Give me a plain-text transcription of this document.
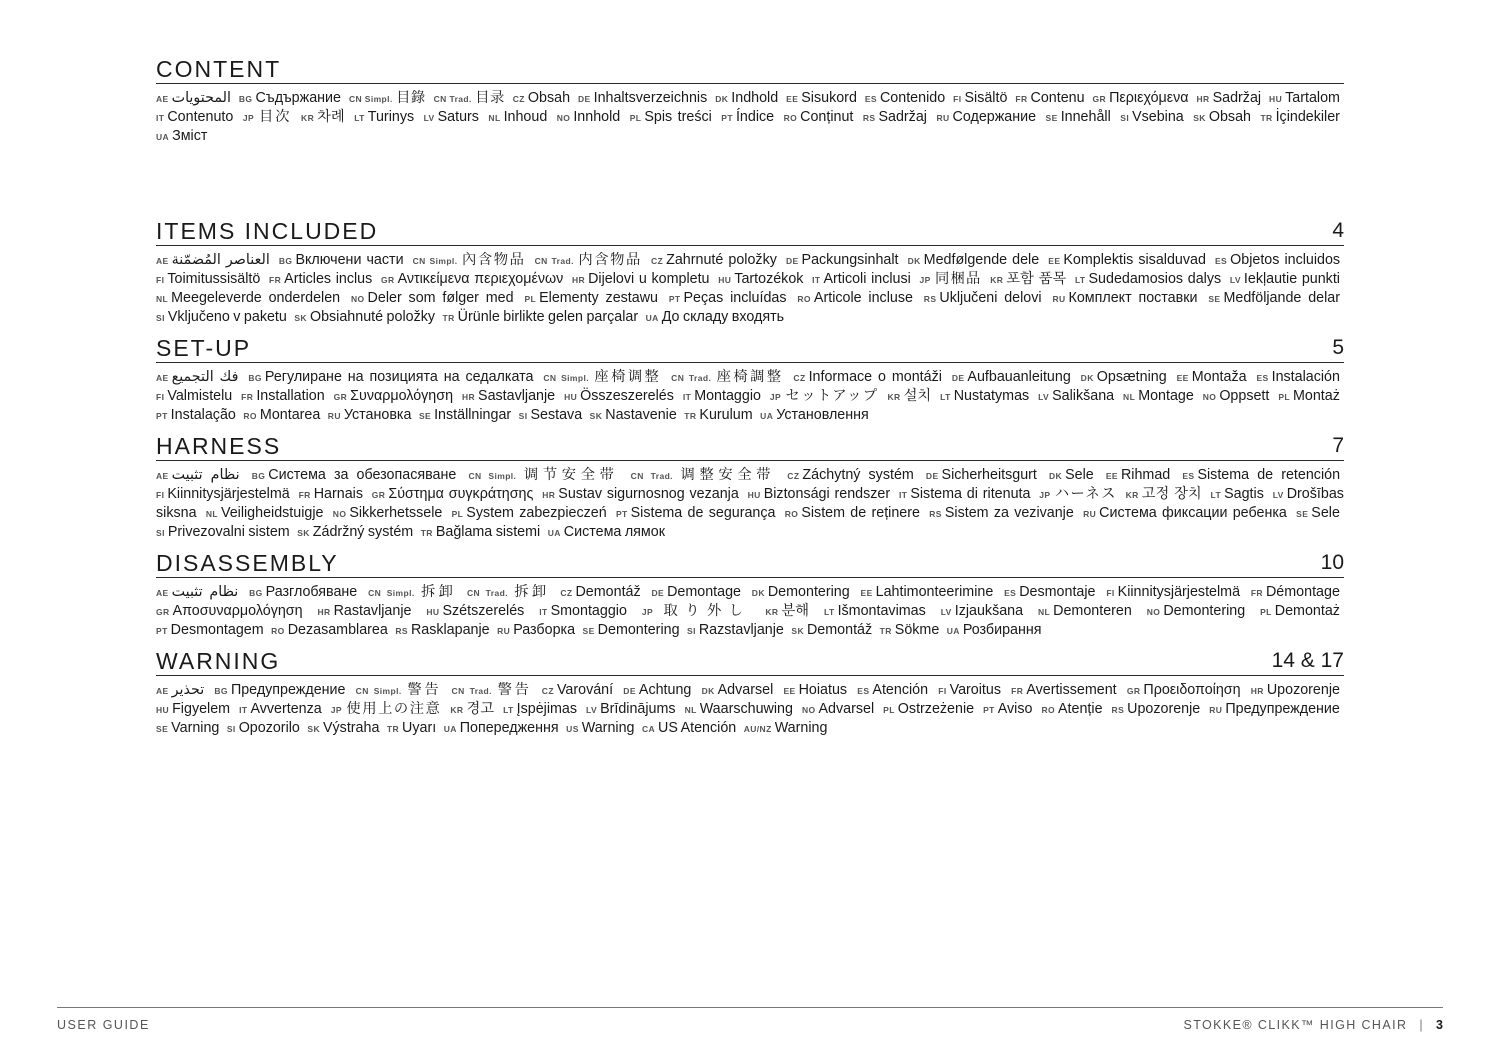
CONTENT
AE المحتويات BG Съдържание CN Simpl. 目錄 CN Trad. 目录 CZ Obsah DE Inhaltsverzeichnis DK Indhold EE Sisukord ES Contenido FI Sisältö FR Contenu GR Περιεχόμενα HR Sadržaj HU Tartalom IT Contenuto JP 目次 KR 차례 LT Turinys LV Saturs NL Inhoud NO Innhold PL Spis treści PT Índice RO Conținut RS Sadržaj RU Содержание SE Innehåll SI Vsebina SK Obsah TR İçindekiler UA Зміст
ITEMS INCLUDED	4
AE العناصر المُضمّنة BG Включени части CN Simpl. 內含物品 CN Trad. 内含物品 CZ Zahrnuté položky DE Packungsinhalt DK Medfølgende dele EE Komplektis sisalduvad ES Objetos incluidos FI Toimitussisältö FR Articles inclus GR Αντικείμενα περιεχομένων HR Dijelovi u kompletu HU Tartozékok IT Articoli inclusi JP 同梱品 KR 포함 품목 LT Sudedamosios dalys LV Iekļautie punkti NL Meegeleverde onderdelen NO Deler som følger med PL Elementy zestawu PT Peças incluídas RO Articole incluse RS Uključeni delovi RU Комплект поставки SE Medföljande delar SI Vključeno v paketu SK Obsiahnuté položky TR Ürünle birlikte gelen parçalar UA До складу входять
SET-UP	5
AE فك التجميع BG Регулиране на позицията на седалката CN Simpl. 座椅调整 CN Trad. 座椅調整 CZ Informace o montáži DE Aufbauanleitung DK Opsætning EE Montaža ES Instalación FI Valmistelu FR Installation GR Συναρμολόγηση HR Sastavljanje HU Összeszerelés IT Montaggio JP セットアップ KR 설치 LT Nustatymas LV Salikšana NL Montage NO Oppsett PL Montaż PT Instalação RO Montarea RU Установка SE Inställningar SI Sestava SK Nastavenie TR Kurulum UA Установлення
HARNESS	7
AE نظام تثبيت BG Система за обезопасяване CN Simpl. 调节安全带 CN Trad. 调整安全带 CZ Záchytný systém DE Sicherheitsgurt DK Sele EE Rihmad ES Sistema de retención FI Kiinnitysjärjestelmä FR Harnais GR Σύστημα συγκράτησης HR Sustav sigurnosnog vezanja HU Biztonsági rendszer IT Sistema di ritenuta JP ハーネス KR 고정 장치 LT Sagtis LV Drošības siksna NL Veiligheidstuigje NO Sikkerhetssele PL System zabezpieczeń PT Sistema de segurança RO Sistem de reținere RS Sistem za vezivanje RU Система фиксации ребенка SE Sele SI Privezovalni sistem SK Zádržný systém TR Bağlama sistemi UA Система лямок
DISASSEMBLY	10
AE نظام تثبيت BG Разглобяване CN Simpl. 拆卸 CN Trad. 拆卸 CZ Demontáž DE Demontage DK Demontering EE Lahtimonteerimine ES Desmontaje FI Kiinnitysjärjestelmä FR Démontage GR Αποσυναρμολόγηση HR Rastavljanje HU Szétszerelés IT Smontaggio JP 取り外し KR 분해 LT Išmontavimas LV Izjaukšana NL Demonteren NO Demontering PL Demontaż PT Desmontagem RO Dezasamblarea RS Rasklapanje RU Разборка SE Demontering SI Razstavljanje SK Demontáž TR Sökme UA Розбирання
WARNING	14 & 17
AE تحذير BG Предупреждение CN Simpl. 警告 CN Trad. 警告 CZ Varování DE Achtung DK Advarsel EE Hoiatus ES Atención FI Varoitus FR Avertissement GR Προειδοποίηση HR Upozorenje HU Figyelem IT Avvertenza JP 使用上の注意 KR 경고 LT Įspėjimas LV Brīdinājums NL Waarschuwing NO Advarsel PL Ostrzeżenie PT Aviso RO Atenție RS Upozorenje RU Предупреждение SE Varning SI Opozorilo SK Výstraha TR Uyarı UA Попередження US Warning CA US Atención AU/NZ Warning
USER GUIDE	STOKKE® CLIKK™ HIGH CHAIR | 3
